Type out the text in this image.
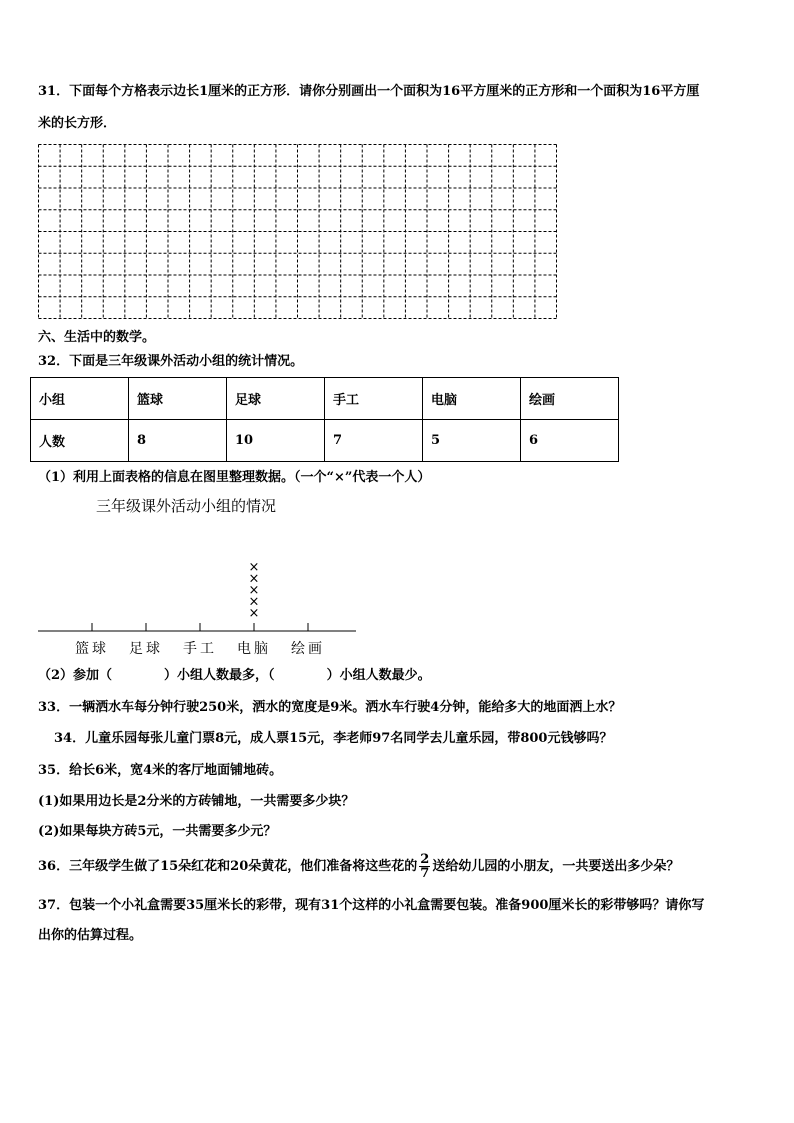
31．下面每个方格表示边长1厘米的正方形．请你分别画出一个面积为16平方厘米的正方形和一个面积为16平方厘
米的长方形．
六、生活中的数学。
32．下面是三年级课外活动小组的统计情况。
小组	篮球	足球	手工	电脑	绘画
人数	8	10	7	5	6
（1）利用上面表格的信息在图里整理数据。（一个“×”代表一个人）
三年级课外活动小组的情况
篮球 足球 手工 电脑
×
×
×
×
×
绘画
（2）参加（	）小组人数最多，（	）小组人数最少。
33．一辆洒水车每分钟行驶250米，洒水的宽度是9米。洒水车行驶4分钟，能给多大的地面洒上水？
34．儿童乐园每张儿童门票8元，成人票15元，李老师97名同学去儿童乐园，带800元钱够吗？
35．给长6米，宽4米的客厅地面铺地砖。
(1)如果用边长是2分米的方砖铺地，一共需要多少块？
(2)如果每块方砖5元，一共需要多少元？
36．三年级学生做了15朵红花和20朵黄花，他们准备将这些花的 $\frac{2}{7}$ 送给幼儿园的小朋友，一共要送出多少朵？
37．包装一个小礼盒需要35厘米长的彩带，现有31个这样的小礼盒需要包装。准备900厘米长的彩带够吗？请你写
出你的估算过程。
